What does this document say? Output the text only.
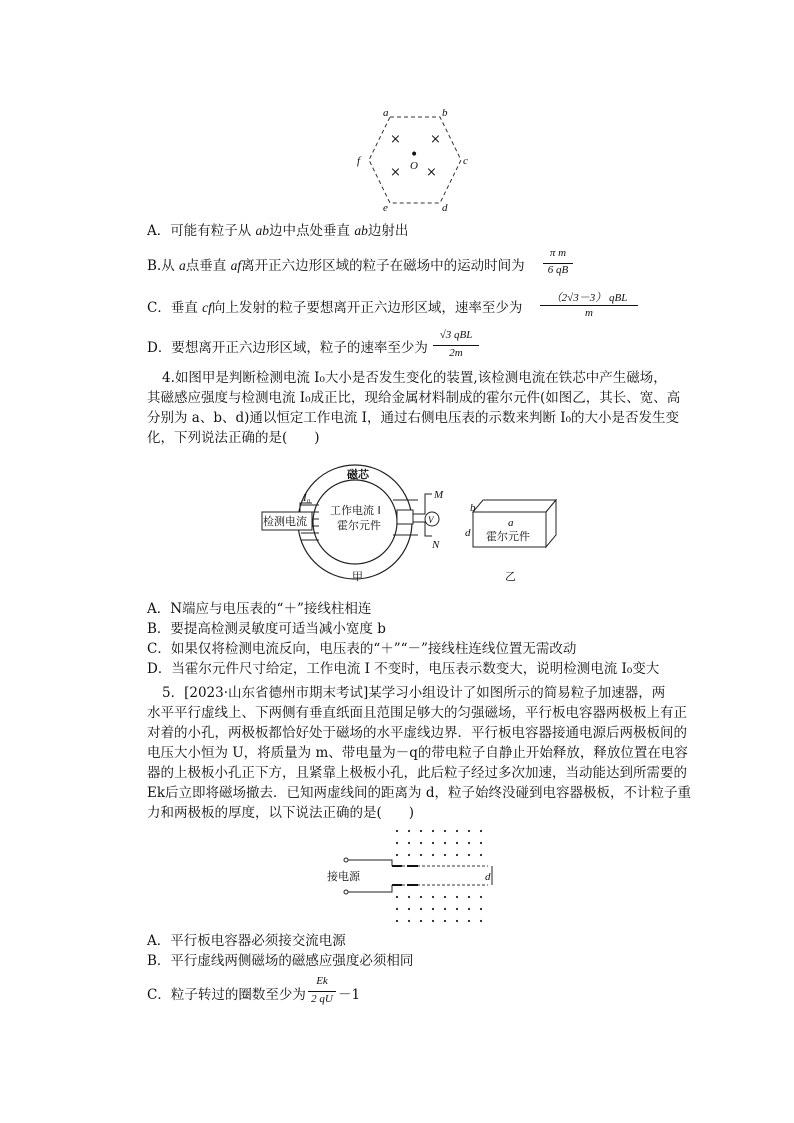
a	b
c
d
e
f
× ×
× ×
•
O
A．可能有粒子从 ab边中点处垂直 ab边射出
B.从 a点垂直 af离开正六边形区域的粒子在磁场中的运动时间为
π m
6 qB
C．垂直 cf向上发射的粒子要想离开正六边形区域，速率至少为
（2√3－3） qBL
m
D．要想离开正六边形区域，粒子的速率至少为
√3 qBL
2m
4.如图甲是判断检测电流 I₀大小是否发生变化的装置,该检测电流在铁芯中产生磁场，
其磁感应强度与检测电流 I₀成正比，现给金属材料制成的霍尔元件(如图乙，其长、宽、高
分别为 a、b、d)通以恒定工作电流 I，通过右侧电压表的示数来判断 I₀的大小是否发生变
化，下列说法正确的是(　　)
磁芯
I₀
检测电流
工作电流 I
霍尔元件
M
N
V
甲
b
a
d 霍尔元件
乙
A．N端应与电压表的“＋”接线柱相连
B．要提高检测灵敏度可适当减小宽度 b
C．如果仅将检测电流反向，电压表的“＋”“－”接线柱连线位置无需改动
D．当霍尔元件尺寸给定，工作电流 I 不变时，电压表示数变大，说明检测电流 I₀变大
5．[2023·山东省德州市期末考试]某学习小组设计了如图所示的简易粒子加速器，两
水平平行虚线上、下两侧有垂直纸面且范围足够大的匀强磁场，平行板电容器两极板上有正
对着的小孔，两极板都恰好处于磁场的水平虚线边界．平行板电容器接通电源后两极板间的
电压大小恒为 U，将质量为 m、带电量为－q的带电粒子自静止开始释放，释放位置在电容
器的上极板小孔正下方，且紧靠上极板小孔，此后粒子经过多次加速，当动能达到所需要的
Ek后立即将磁场撤去．已知两虚线间的距离为 d，粒子始终没碰到电容器极板，不计粒子重
力和两极板的厚度，以下说法正确的是(　　)
接电源	d
A．平行板电容器必须接交流电源
B．平行虚线两侧磁场的磁感应强度必须相同
C．粒子转过的圈数至少为
Ek
2 qU －1
